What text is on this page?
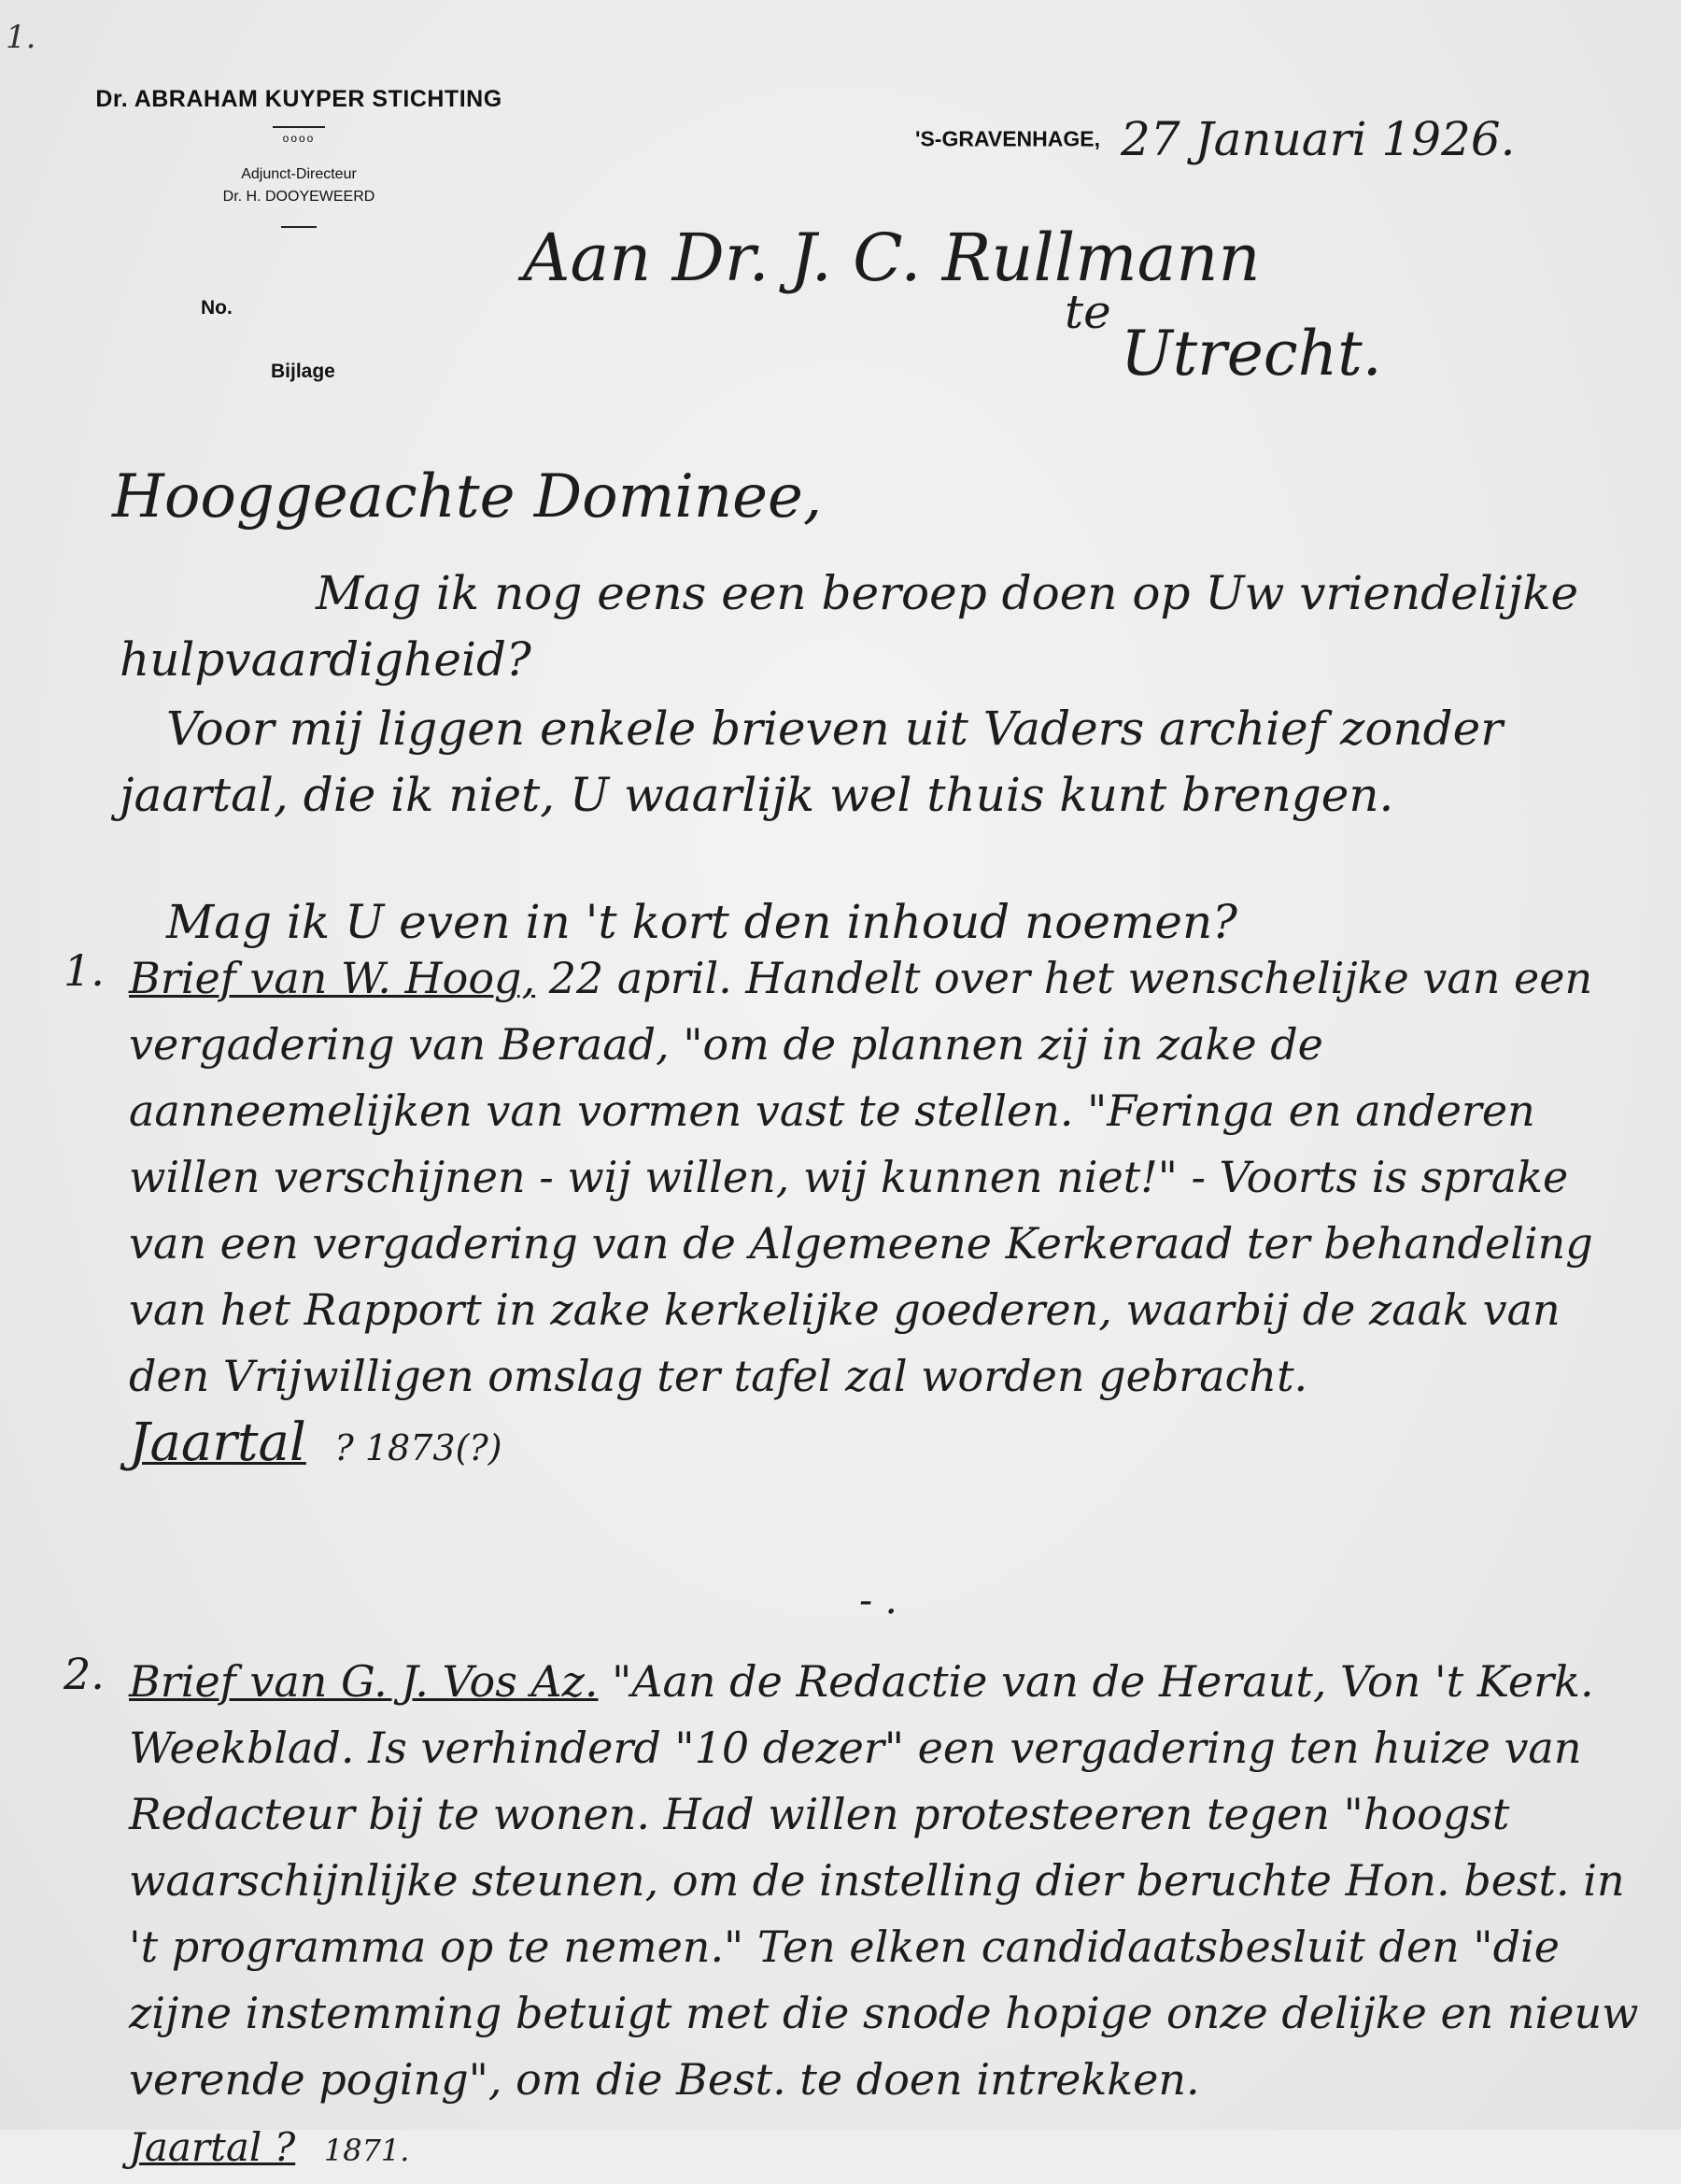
1.
Dr. ABRAHAM KUYPER STICHTING
oooo
Adjunct-Directeur
Dr. H. DOOYEWEERD
No.
Bijlage
'S-GRAVENHAGE, 27 Januari 1926.
Aan Dr. J. C. Rullmann
te
Utrecht.
Hooggeachte Dominee,
Mag ik nog eens een beroep doen op Uw vriendelijke hulpvaardigheid?
Voor mij liggen enkele brieven uit Vaders archief zonder jaartal, die ik niet, U waarlijk wel thuis kunt brengen.
Mag ik U even in 't kort den inhoud noemen?
1. Brief van W. Hoog, 22 april. Handelt over het wenschelijke van een vergadering van Beraad, "om de plannen zij in zake de aanneemelijken van vormen vast te stellen. "Feringa en anderen willen verschijnen - wij willen, wij kunnen niet!" - Voorts is sprake van een vergadering van de Algemeene Kerkeraad ter behandeling van het Rapport in zake kerkelijke goederen, waarbij de zaak van den Vrijwilligen omslag ter tafel zal worden gebracht.
Jaartal ? 1873(?)
- .
2. Brief van G. J. Vos Az. "Aan de Redactie van de Heraut, Von 't Kerk. Weekblad. Is verhinderd "10 dezer" een vergadering ten huize van Redacteur bij te wonen. Had willen protesteeren tegen "hoogst waarschijnlijke steunen, om de instelling dier beruchte Hon. best. in 't programma op te nemen." Ten elken candidaatsbesluit den "die zijne instemming betuigt met die snode hopige onze delijke en nieuw verende poging", om die Best. te doen intrekken.
Jaartal ? 1871.
